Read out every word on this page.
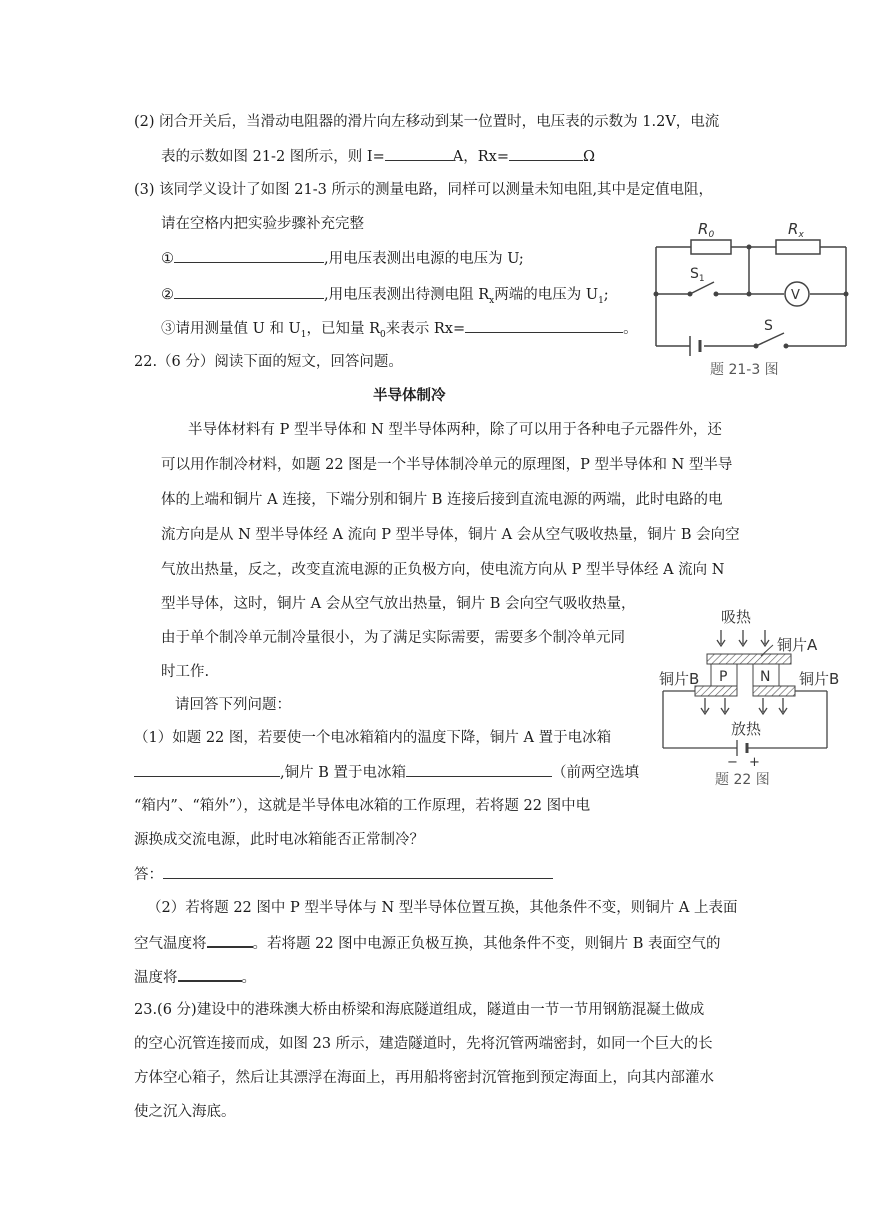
(2) 闭合开关后，当滑动电阻器的滑片向左移动到某一位置时，电压表的示数为 1.2V，电流
表的示数如图 21-2 图所示，则 I=	A，Rx=	Ω
(3) 该同学义设计了如图 21-3 所示的测量电路，同样可以测量未知电阻,其中是定值电阻，
请在空格内把实验步骤补充完整
①	,用电压表测出电源的电压为 U;
②	,用电压表测出待测电阻 $R_x$两端的电压为 $U_1$;
③请用测量值 U 和 $U_1$，已知量 $R_0$来表示 Rx=	。
$R_0$	$R_x$
$S_1$
S
V
题 21-3 图
22.（6 分）阅读下面的短文，回答问题。
半导体制冷
半导体材料有 P 型半导体和 N 型半导体两种，除了可以用于各种电子元器件外，还
可以用作制冷材料，如题 22 图是一个半导体制冷单元的原理图，P 型半导体和 N 型半导
体的上端和铜片 A 连接，下端分别和铜片 B 连接后接到直流电源的两端，此时电路的电
流方向是从 N 型半导体经 A 流向 P 型半导体，铜片 A 会从空气吸收热量，铜片 B 会向空
气放出热量，反之，改变直流电源的正负极方向，使电流方向从 P 型半导体经 A 流向 N
型半导体，这时，铜片 A 会从空气放出热量，铜片 B 会向空气吸收热量，
由于单个制冷单元制冷量很小，为了满足实际需要，需要多个制冷单元同
时工作.
请回答下列问题：
（1）如题 22 图，若要使一个电冰箱箱内的温度下降，铜片 A 置于电冰箱
,铜片 B 置于电冰箱	（前两空选填
“箱内”、“箱外”），这就是半导体电冰箱的工作原理，若将题 22 图中电
源换成交流电源，此时电冰箱能否正常制冷？
答：
（2）若将题 22 图中 P 型半导体与 N 型半导体位置互换，其他条件不变，则铜片 A 上表面
空气温度将	。若将题 22 图中电源正负极互换，其他条件不变，则铜片 B 表面空气的
温度将	。
吸热
铜片A
P N
铜片B	铜片B
放热
− +
题 22 图
23.(6 分)建设中的港珠澳大桥由桥梁和海底隧道组成，隧道由一节一节用钢筋混凝土做成
的空心沉管连接而成，如图 23 所示，建造隧道时，先将沉管两端密封，如同一个巨大的长
方体空心箱子，然后让其漂浮在海面上，再用船将密封沉管拖到预定海面上，向其内部灌水
使之沉入海底。
